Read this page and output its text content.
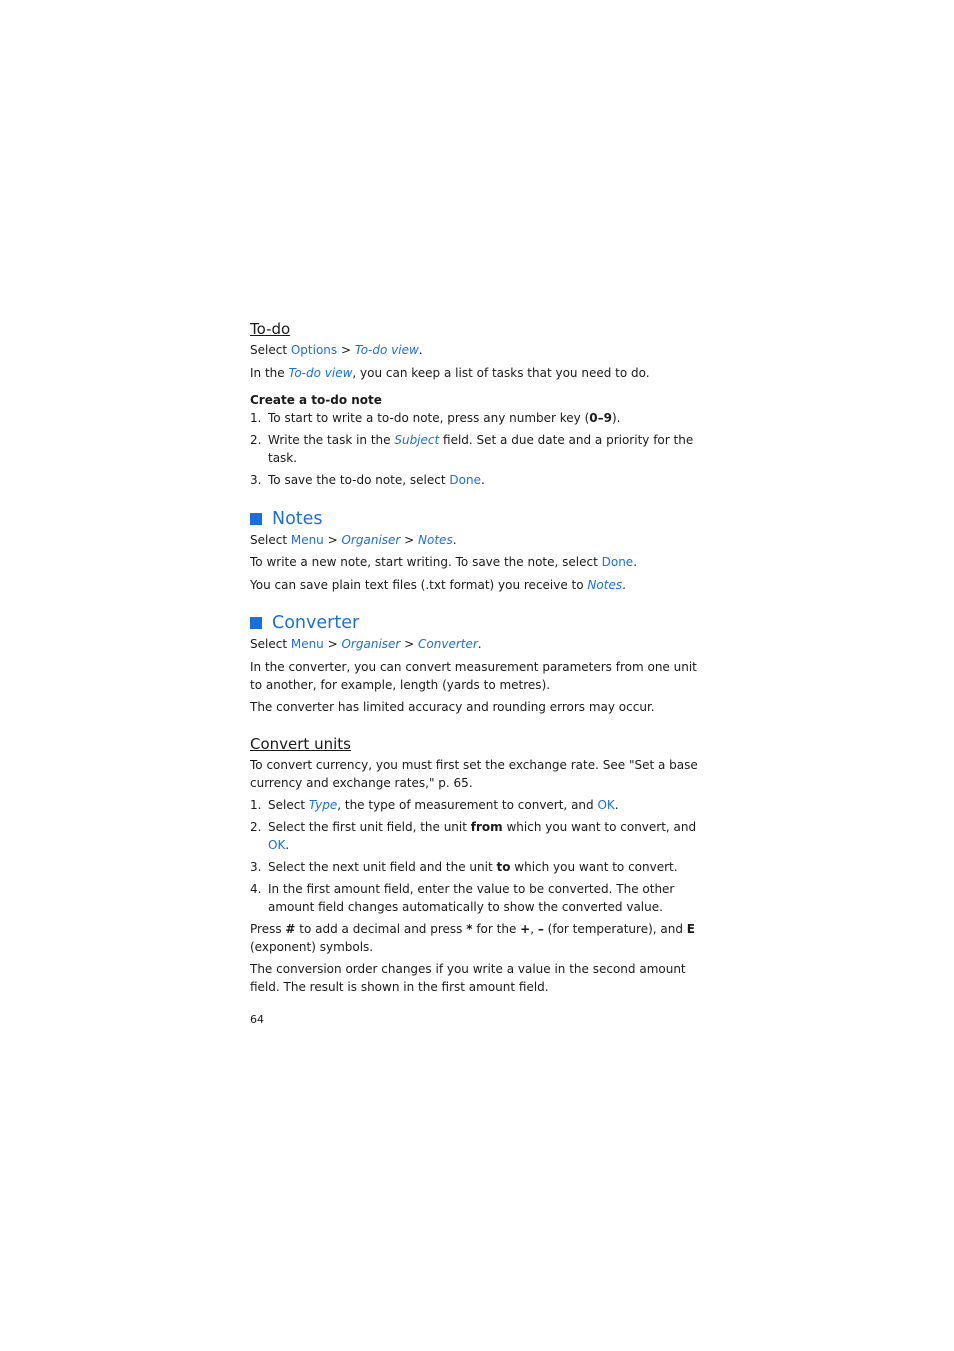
To-do

Select Options > To-do view.

In the To-do view, you can keep a list of tasks that you need to do.

Create a to-do note

1. To start to write a to-do note, press any number key (0–9).
2. Write the task in the Subject field. Set a due date and a priority for the task.
3. To save the to-do note, select Done.
Notes

Select Menu > Organiser > Notes.

To write a new note, start writing. To save the note, select Done.

You can save plain text files (.txt format) you receive to Notes.

Converter

Select Menu > Organiser > Converter.

In the converter, you can convert measurement parameters from one unit to another, for example, length (yards to metres).

The converter has limited accuracy and rounding errors may occur.

Convert units

To convert currency, you must first set the exchange rate. See "Set a base currency and exchange rates," p. 65.

1. Select Type, the type of measurement to convert, and OK.
2. Select the first unit field, the unit from which you want to convert, and OK.
3. Select the next unit field and the unit to which you want to convert.
4. In the first amount field, enter the value to be converted. The other amount field changes automatically to show the converted value.

Press # to add a decimal and press * for the +, – (for temperature), and E (exponent) symbols.

The conversion order changes if you write a value in the second amount field. The result is shown in the first amount field.

64
